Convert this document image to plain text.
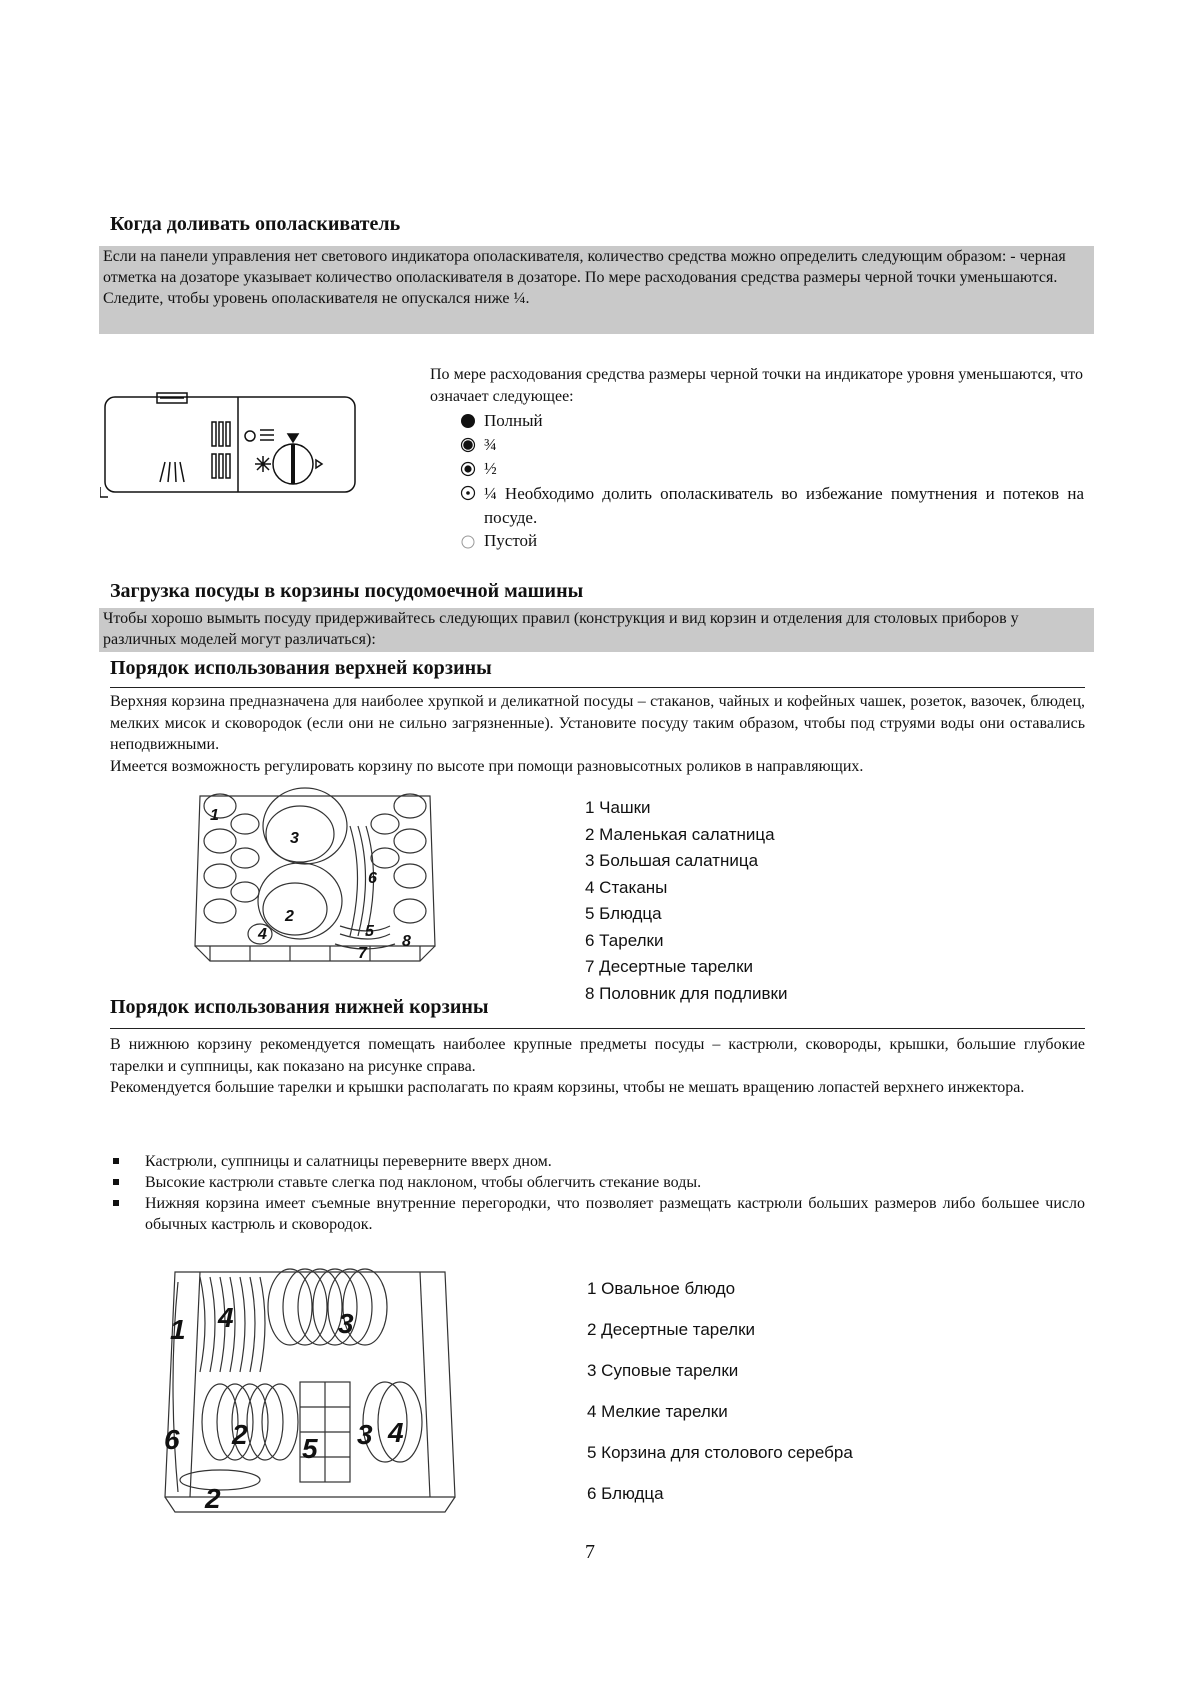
Когда доливать ополаскиватель
Если на панели управления нет светового индикатора ополаскивателя, количество средства можно определить следующим образом: - черная отметка на дозаторе указывает количество ополаскивателя в дозаторе. По мере расходования средства размеры черной точки уменьшаются. Следите, чтобы уровень ополаскивателя не опускался ниже ¼.

По мере расходования средства размеры черной точки на индикаторе уровня уменьшаются, что означает следующее:

Полный
¾
½
¼ Необходимо долить ополаскиватель во избежание помутнения и потеков на посуде.
Пустой
Загрузка посуды в корзины посудомоечной машины
Чтобы хорошо вымыть посуду придерживайтесь следующих правил (конструкция и вид корзин и отделения для столовых приборов у различных моделей могут различаться):
Порядок использования верхней корзины

Верхняя корзина предназначена для наиболее хрупкой и деликатной посуды – стаканов, чайных и кофейных чашек, розеток, вазочек, блюдец, мелких мисок и сковородок (если они не сильно загрязненные). Установите посуду таким образом, чтобы под струями воды они оставались неподвижными.

Имеется возможность регулировать корзину по высоте при помощи разновысотных роликов в направляющих.

1
2
3
4	5
6
7
8
1 Чашки
2 Маленькая салатница
3 Большая салатница
4 Стаканы
5 Блюдца
6 Тарелки
7 Десертные тарелки
8 Половник для подливки
Порядок использования нижней корзины

В нижнюю корзину рекомендуется помещать наиболее крупные предметы посуды – кастрюли, сковороды, крышки, большие глубокие тарелки и суппницы, как показано на рисунке справа.

Рекомендуется большие тарелки и крышки располагать по краям корзины, чтобы не мешать вращению лопастей верхнего инжектора.

Кастрюли, суппницы и салатницы переверните вверх дном.
Высокие кастрюли ставьте слегка под наклоном, чтобы облегчить стекание воды.
Нижняя корзина имеет съемные внутренние перегородки, что позволяет размещать кастрюли больших размеров либо большее число обычных кастрюль и сковородок.
1 4	3
6 2 5 3 4
2
1 Овальное блюдо
2 Десертные тарелки
3 Суповые тарелки
4 Мелкие тарелки
5 Корзина для столового серебра
6 Блюдца
7
